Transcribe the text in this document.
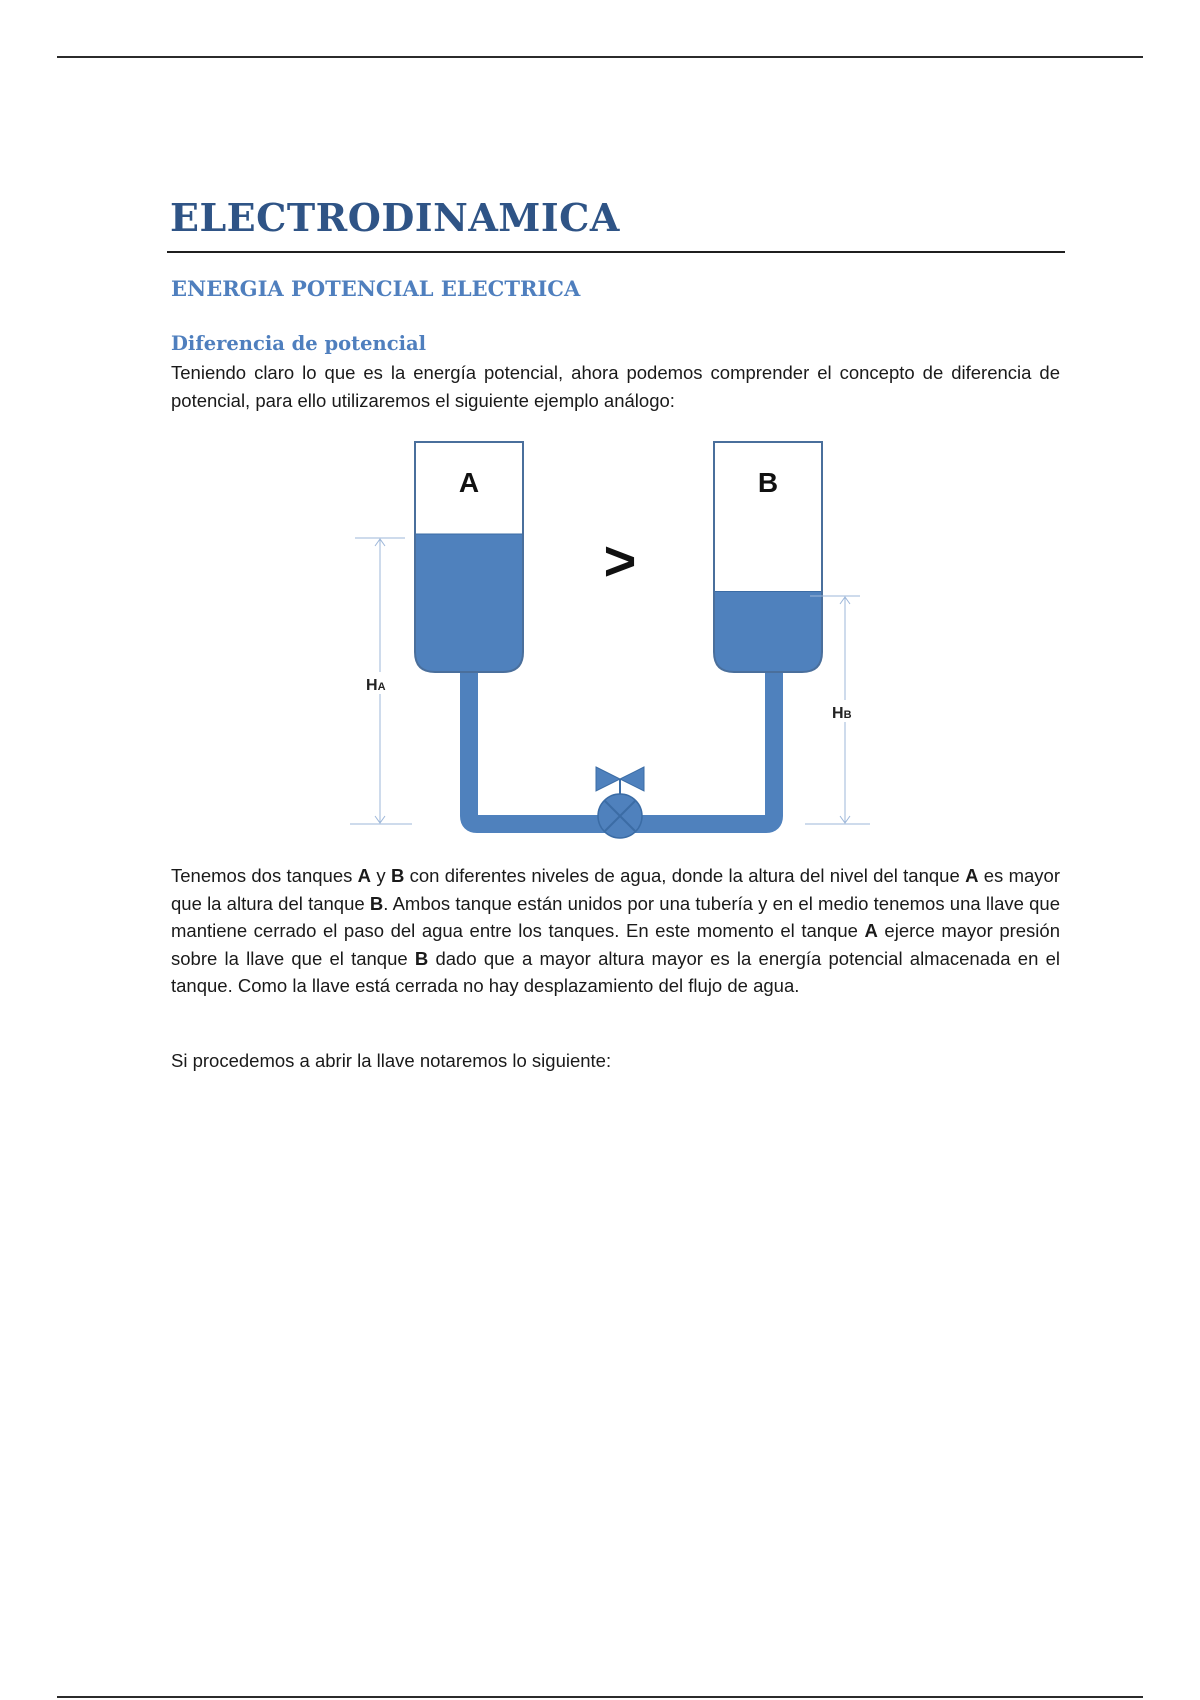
ELECTRODINAMICA
ENERGIA POTENCIAL ELECTRICA
Diferencia de potencial

Teniendo claro lo que es la energía potencial, ahora podemos comprender el concepto de diferencia de potencial, para ello utilizaremos el siguiente ejemplo análogo:

A	B
>
HA
HB

Tenemos dos tanques A y B con diferentes niveles de agua, donde la altura del nivel del tanque A es mayor que la altura del tanque B. Ambos tanque están unidos por una tubería y en el medio tenemos una llave que mantiene cerrado el paso del agua entre los tanques. En este momento el tanque A ejerce mayor presión sobre la llave que el tanque B dado que a mayor altura mayor es la energía potencial almacenada en el tanque. Como la llave está cerrada no hay desplazamiento del flujo de agua.

Si procedemos a abrir la llave notaremos lo siguiente:
